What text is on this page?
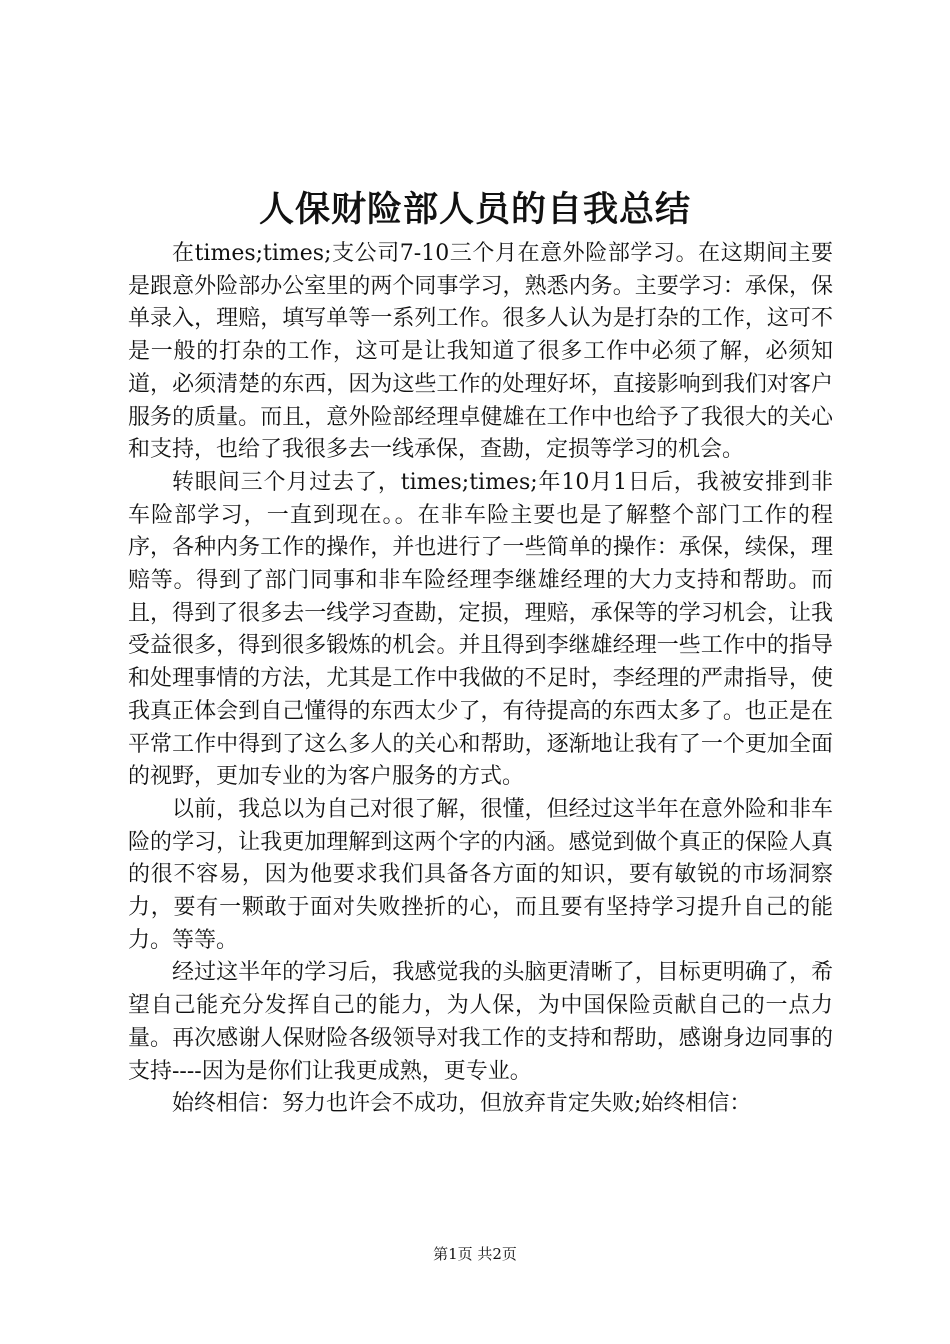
人保财险部人员的自我总结

在times;times;支公司7-10三个月在意外险部学习。在这期间主要是跟意外险部办公室里的两个同事学习，熟悉内务。主要学习：承保，保单录入，理赔，填写单等一系列工作。很多人认为是打杂的工作，这可不是一般的打杂的工作，这可是让我知道了很多工作中必须了解，必须知道，必须清楚的东西，因为这些工作的处理好坏，直接影响到我们对客户服务的质量。而且，意外险部经理卓健雄在工作中也给予了我很大的关心和支持，也给了我很多去一线承保，查勘，定损等学习的机会。

转眼间三个月过去了，times;times;年10月1日后，我被安排到非车险部学习，一直到现在。。在非车险主要也是了解整个部门工作的程序，各种内务工作的操作，并也进行了一些简单的操作：承保，续保，理赔等。得到了部门同事和非车险经理李继雄经理的大力支持和帮助。而且，得到了很多去一线学习查勘，定损，理赔，承保等的学习机会，让我受益很多，得到很多锻炼的机会。并且得到李继雄经理一些工作中的指导和处理事情的方法，尤其是工作中我做的不足时，李经理的严肃指导，使我真正体会到自己懂得的东西太少了，有待提高的东西太多了。也正是在平常工作中得到了这么多人的关心和帮助，逐渐地让我有了一个更加全面的视野，更加专业的为客户服务的方式。

以前，我总以为自己对很了解，很懂，但经过这半年在意外险和非车险的学习，让我更加理解到这两个字的内涵。感觉到做个真正的保险人真的很不容易，因为他要求我们具备各方面的知识，要有敏锐的市场洞察力，要有一颗敢于面对失败挫折的心，而且要有坚持学习提升自己的能力。等等。

经过这半年的学习后，我感觉我的头脑更清晰了，目标更明确了，希望自己能充分发挥自己的能力，为人保，为中国保险贡献自己的一点力量。再次感谢人保财险各级领导对我工作的支持和帮助，感谢身边同事的支持----因为是你们让我更成熟，更专业。

始终相信：努力也许会不成功，但放弃肯定失败;始终相信：

第1页 共2页
